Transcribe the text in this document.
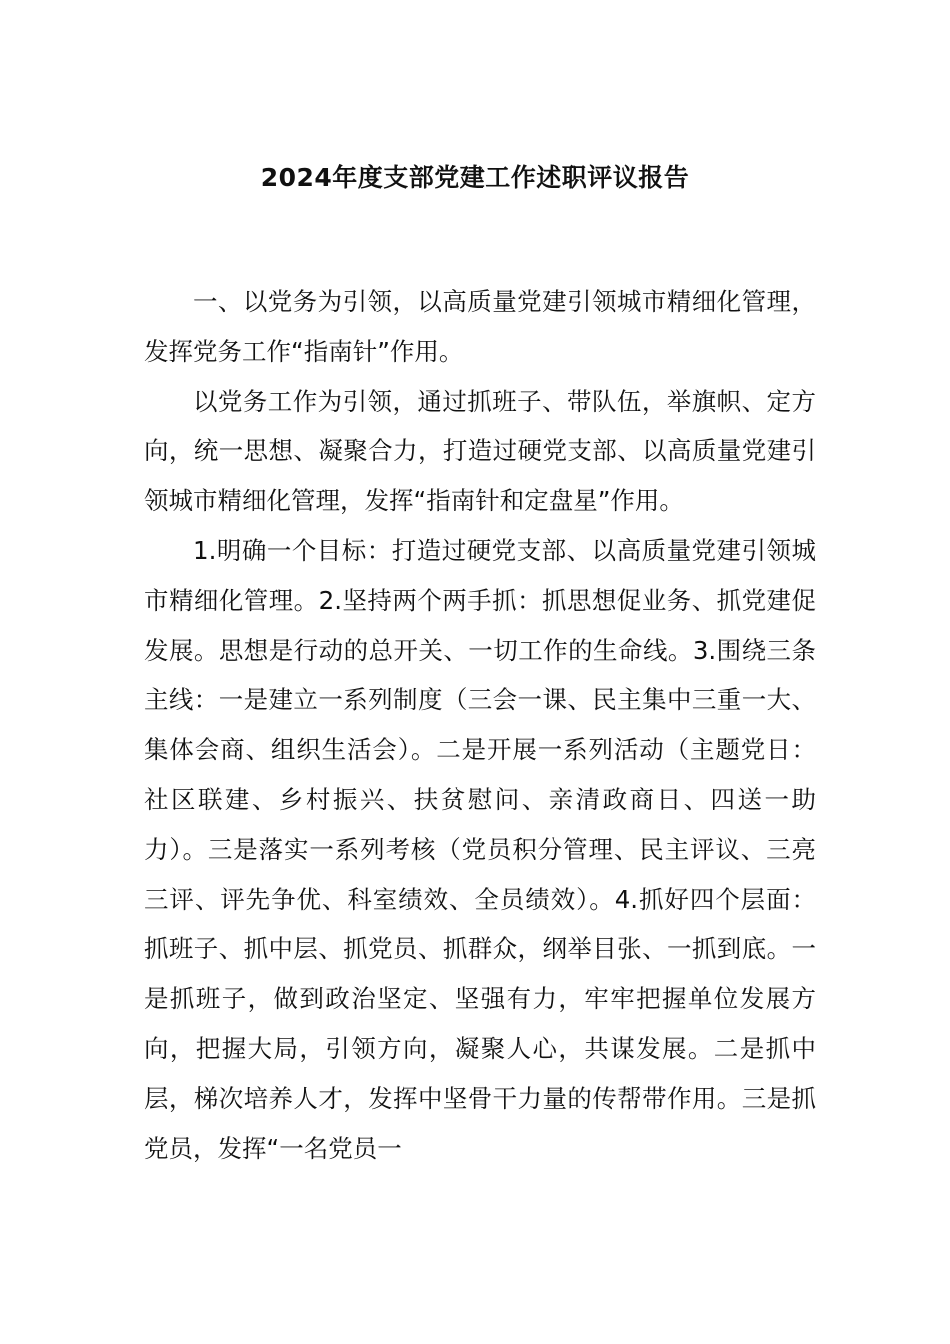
2024年度支部党建工作述职评议报告

一、以党务为引领，以高质量党建引领城市精细化管理，发挥党务工作“指南针”作用。

以党务工作为引领，通过抓班子、带队伍，举旗帜、定方向，统一思想、凝聚合力，打造过硬党支部、以高质量党建引领城市精细化管理，发挥“指南针和定盘星”作用。

1.明确一个目标：打造过硬党支部、以高质量党建引领城市精细化管理。2.坚持两个两手抓：抓思想促业务、抓党建促发展。思想是行动的总开关、一切工作的生命线。3.围绕三条主线：一是建立一系列制度（三会一课、民主集中三重一大、集体会商、组织生活会）。二是开展一系列活动（主题党日：社区联建、乡村振兴、扶贫慰问、亲清政商日、四送一助力）。三是落实一系列考核（党员积分管理、民主评议、三亮三评、评先争优、科室绩效、全员绩效）。4.抓好四个层面：抓班子、抓中层、抓党员、抓群众，纲举目张、一抓到底。一是抓班子，做到政治坚定、坚强有力，牢牢把握单位发展方向，把握大局，引领方向，凝聚人心，共谋发展。二是抓中层，梯次培养人才，发挥中坚骨干力量的传帮带作用。三是抓党员，发挥“一名党员一
